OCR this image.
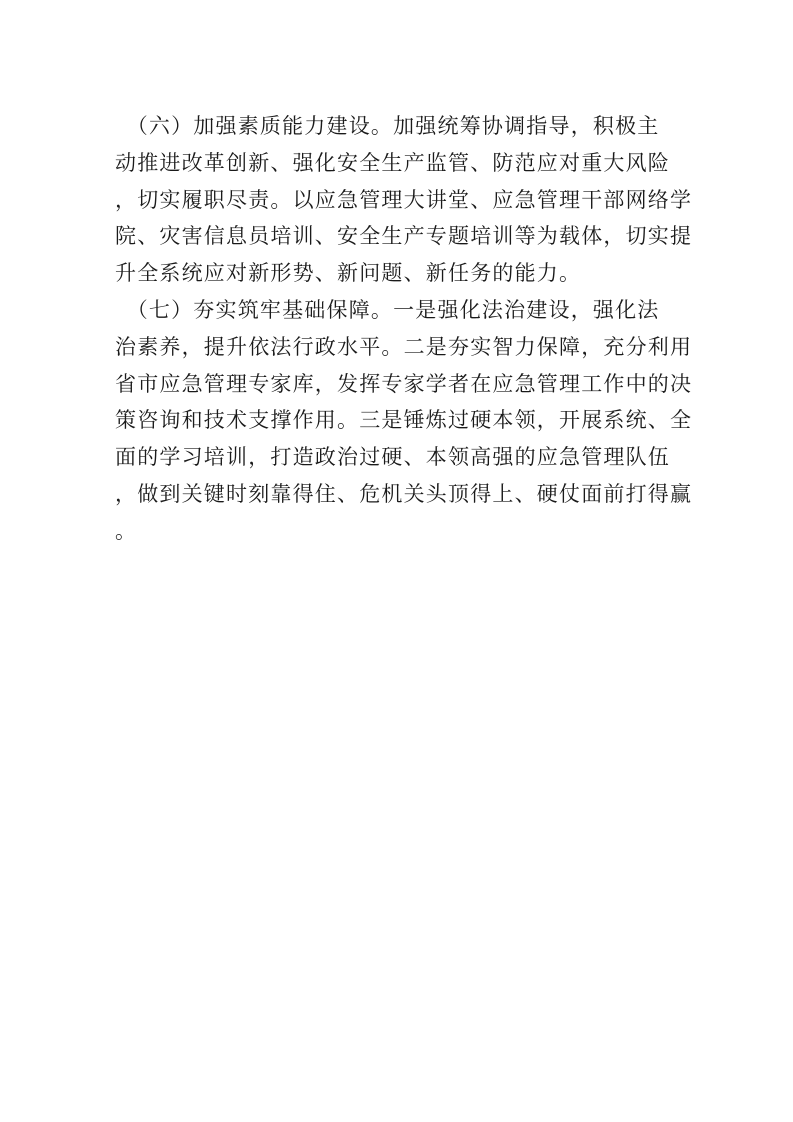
　（六）加强素质能力建设。加强统筹协调指导，积极主
动推进改革创新、强化安全生产监管、防范应对重大风险
，切实履职尽责。以应急管理大讲堂、应急管理干部网络学
院、灾害信息员培训、安全生产专题培训等为载体，切实提
升全系统应对新形势、新问题、新任务的能力。
　（七）夯实筑牢基础保障。一是强化法治建设，强化法
治素养，提升依法行政水平。二是夯实智力保障，充分利用
省市应急管理专家库，发挥专家学者在应急管理工作中的决
策咨询和技术支撑作用。三是锤炼过硬本领，开展系统、全
面的学习培训，打造政治过硬、本领高强的应急管理队伍
，做到关键时刻靠得住、危机关头顶得上、硬仗面前打得赢
。
